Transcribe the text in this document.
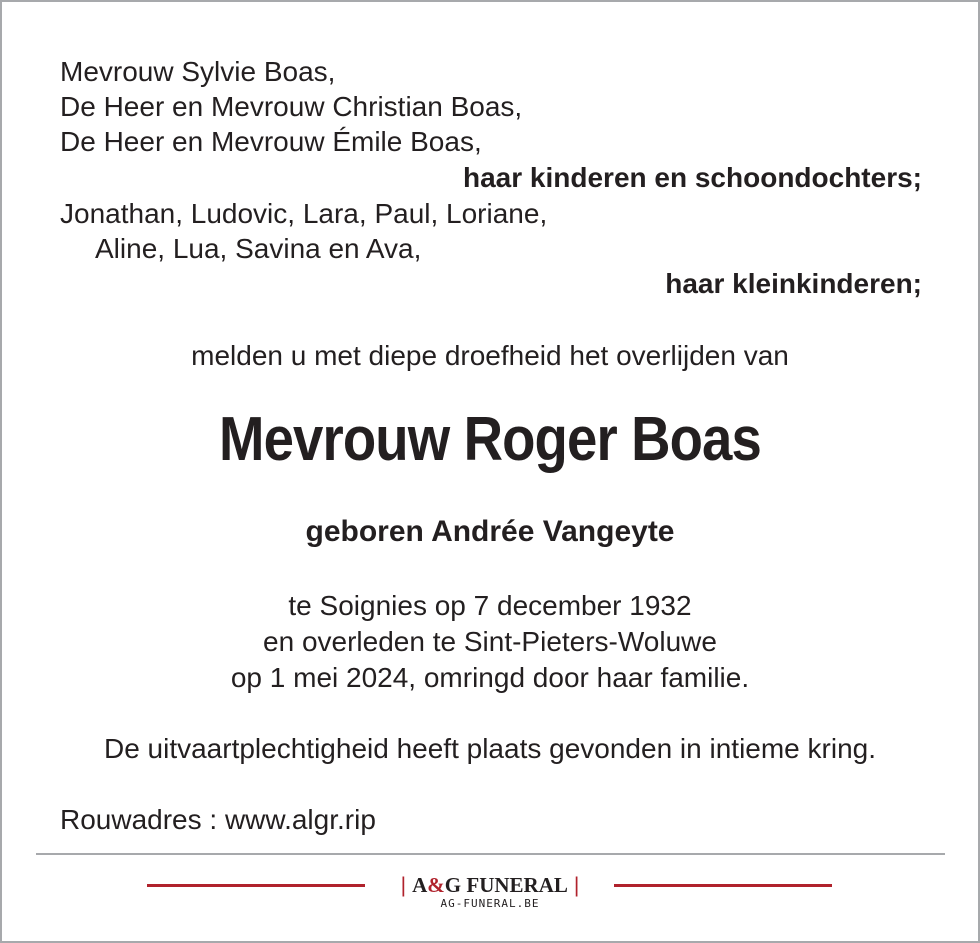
Mevrouw Sylvie Boas,
De Heer en Mevrouw Christian Boas,
De Heer en Mevrouw Émile Boas,
haar kinderen en schoondochters;
Jonathan, Ludovic, Lara, Paul, Loriane,
Aline, Lua, Savina en Ava,
haar kleinkinderen;
melden u met diepe droefheid het overlijden van
Mevrouw Roger Boas
geboren Andrée Vangeyte
te Soignies op 7 december 1932
en overleden te Sint-Pieters-Woluwe
op 1 mei 2024, omringd door haar familie.
De uitvaartplechtigheid heeft plaats gevonden in intieme kring.
Rouwadres : www.algr.rip
| A&G FUNERAL |
AG-FUNERAL.BE
